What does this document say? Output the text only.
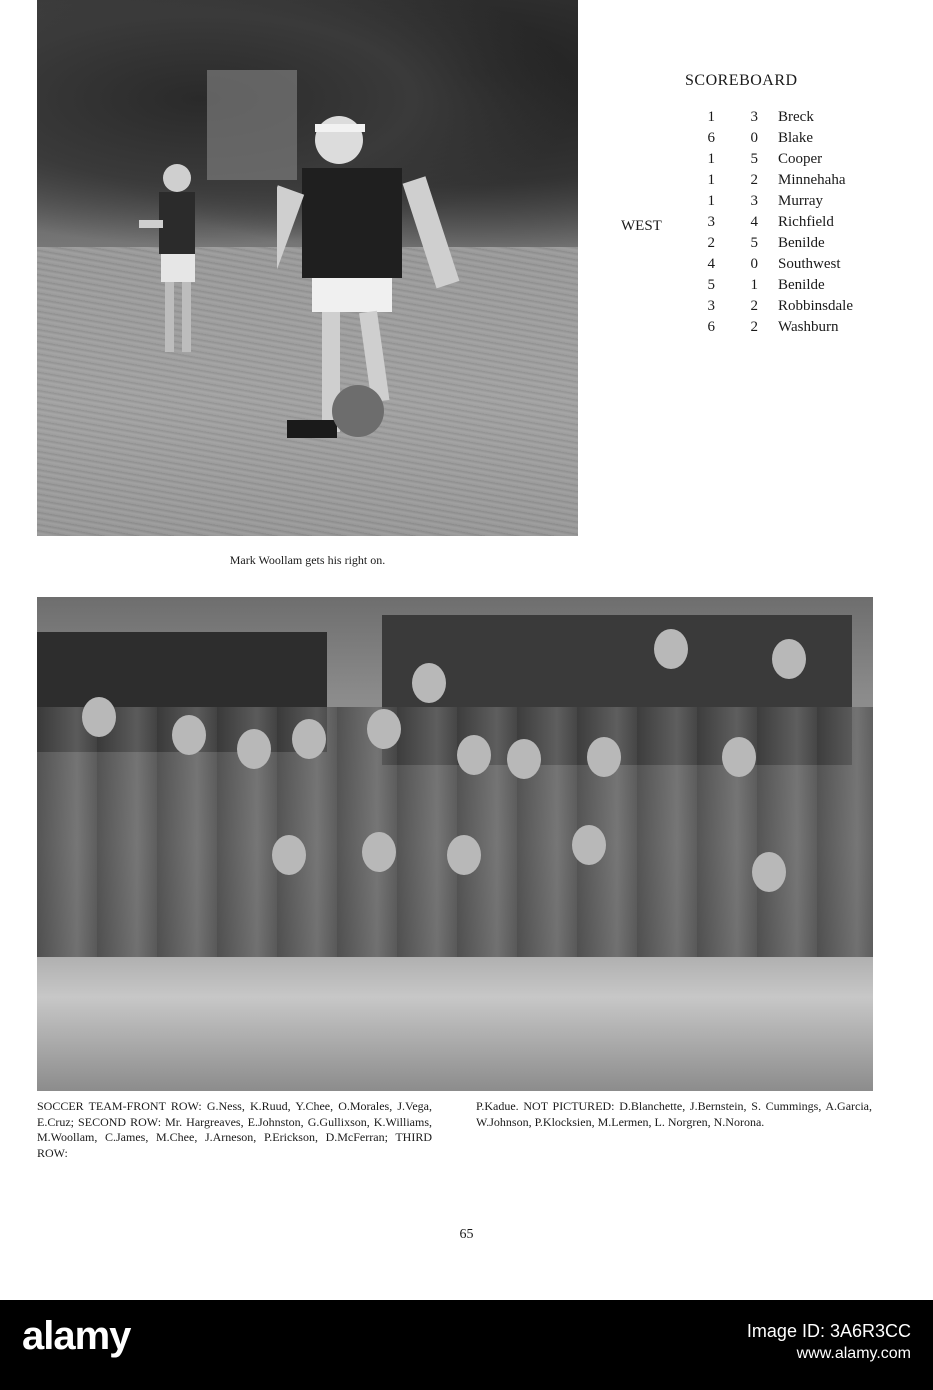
Mark Woollam gets his right on.
SCOREBOARD
WEST
1	3 Breck
6	0 Blake
1	5 Cooper
1	2 Minnehaha
1	3 Murray
3	4 Richfield
2	5 Benilde
4	0 Southwest
5	1 Benilde
3	2 Robbinsdale
6	2 Washburn
SOCCER TEAM-FRONT ROW: G.Ness, K.Ruud, Y.Chee, O.Morales, J.Vega, E.Cruz; SECOND ROW: Mr. Hargreaves, E.Johnston, G.Gullixson, K.Williams, M.Woollam, C.James, M.Chee, J.Arneson, P.Erickson, D.McFerran; THIRD ROW:
P.Kadue. NOT PICTURED: D.Blanchette, J.Bernstein, S. Cummings, A.Garcia, W.Johnson, P.Klocksien, M.Lermen, L. Norgren, N.Norona.
65
alamy	Image ID: 3A6R3CC
www.alamy.com
